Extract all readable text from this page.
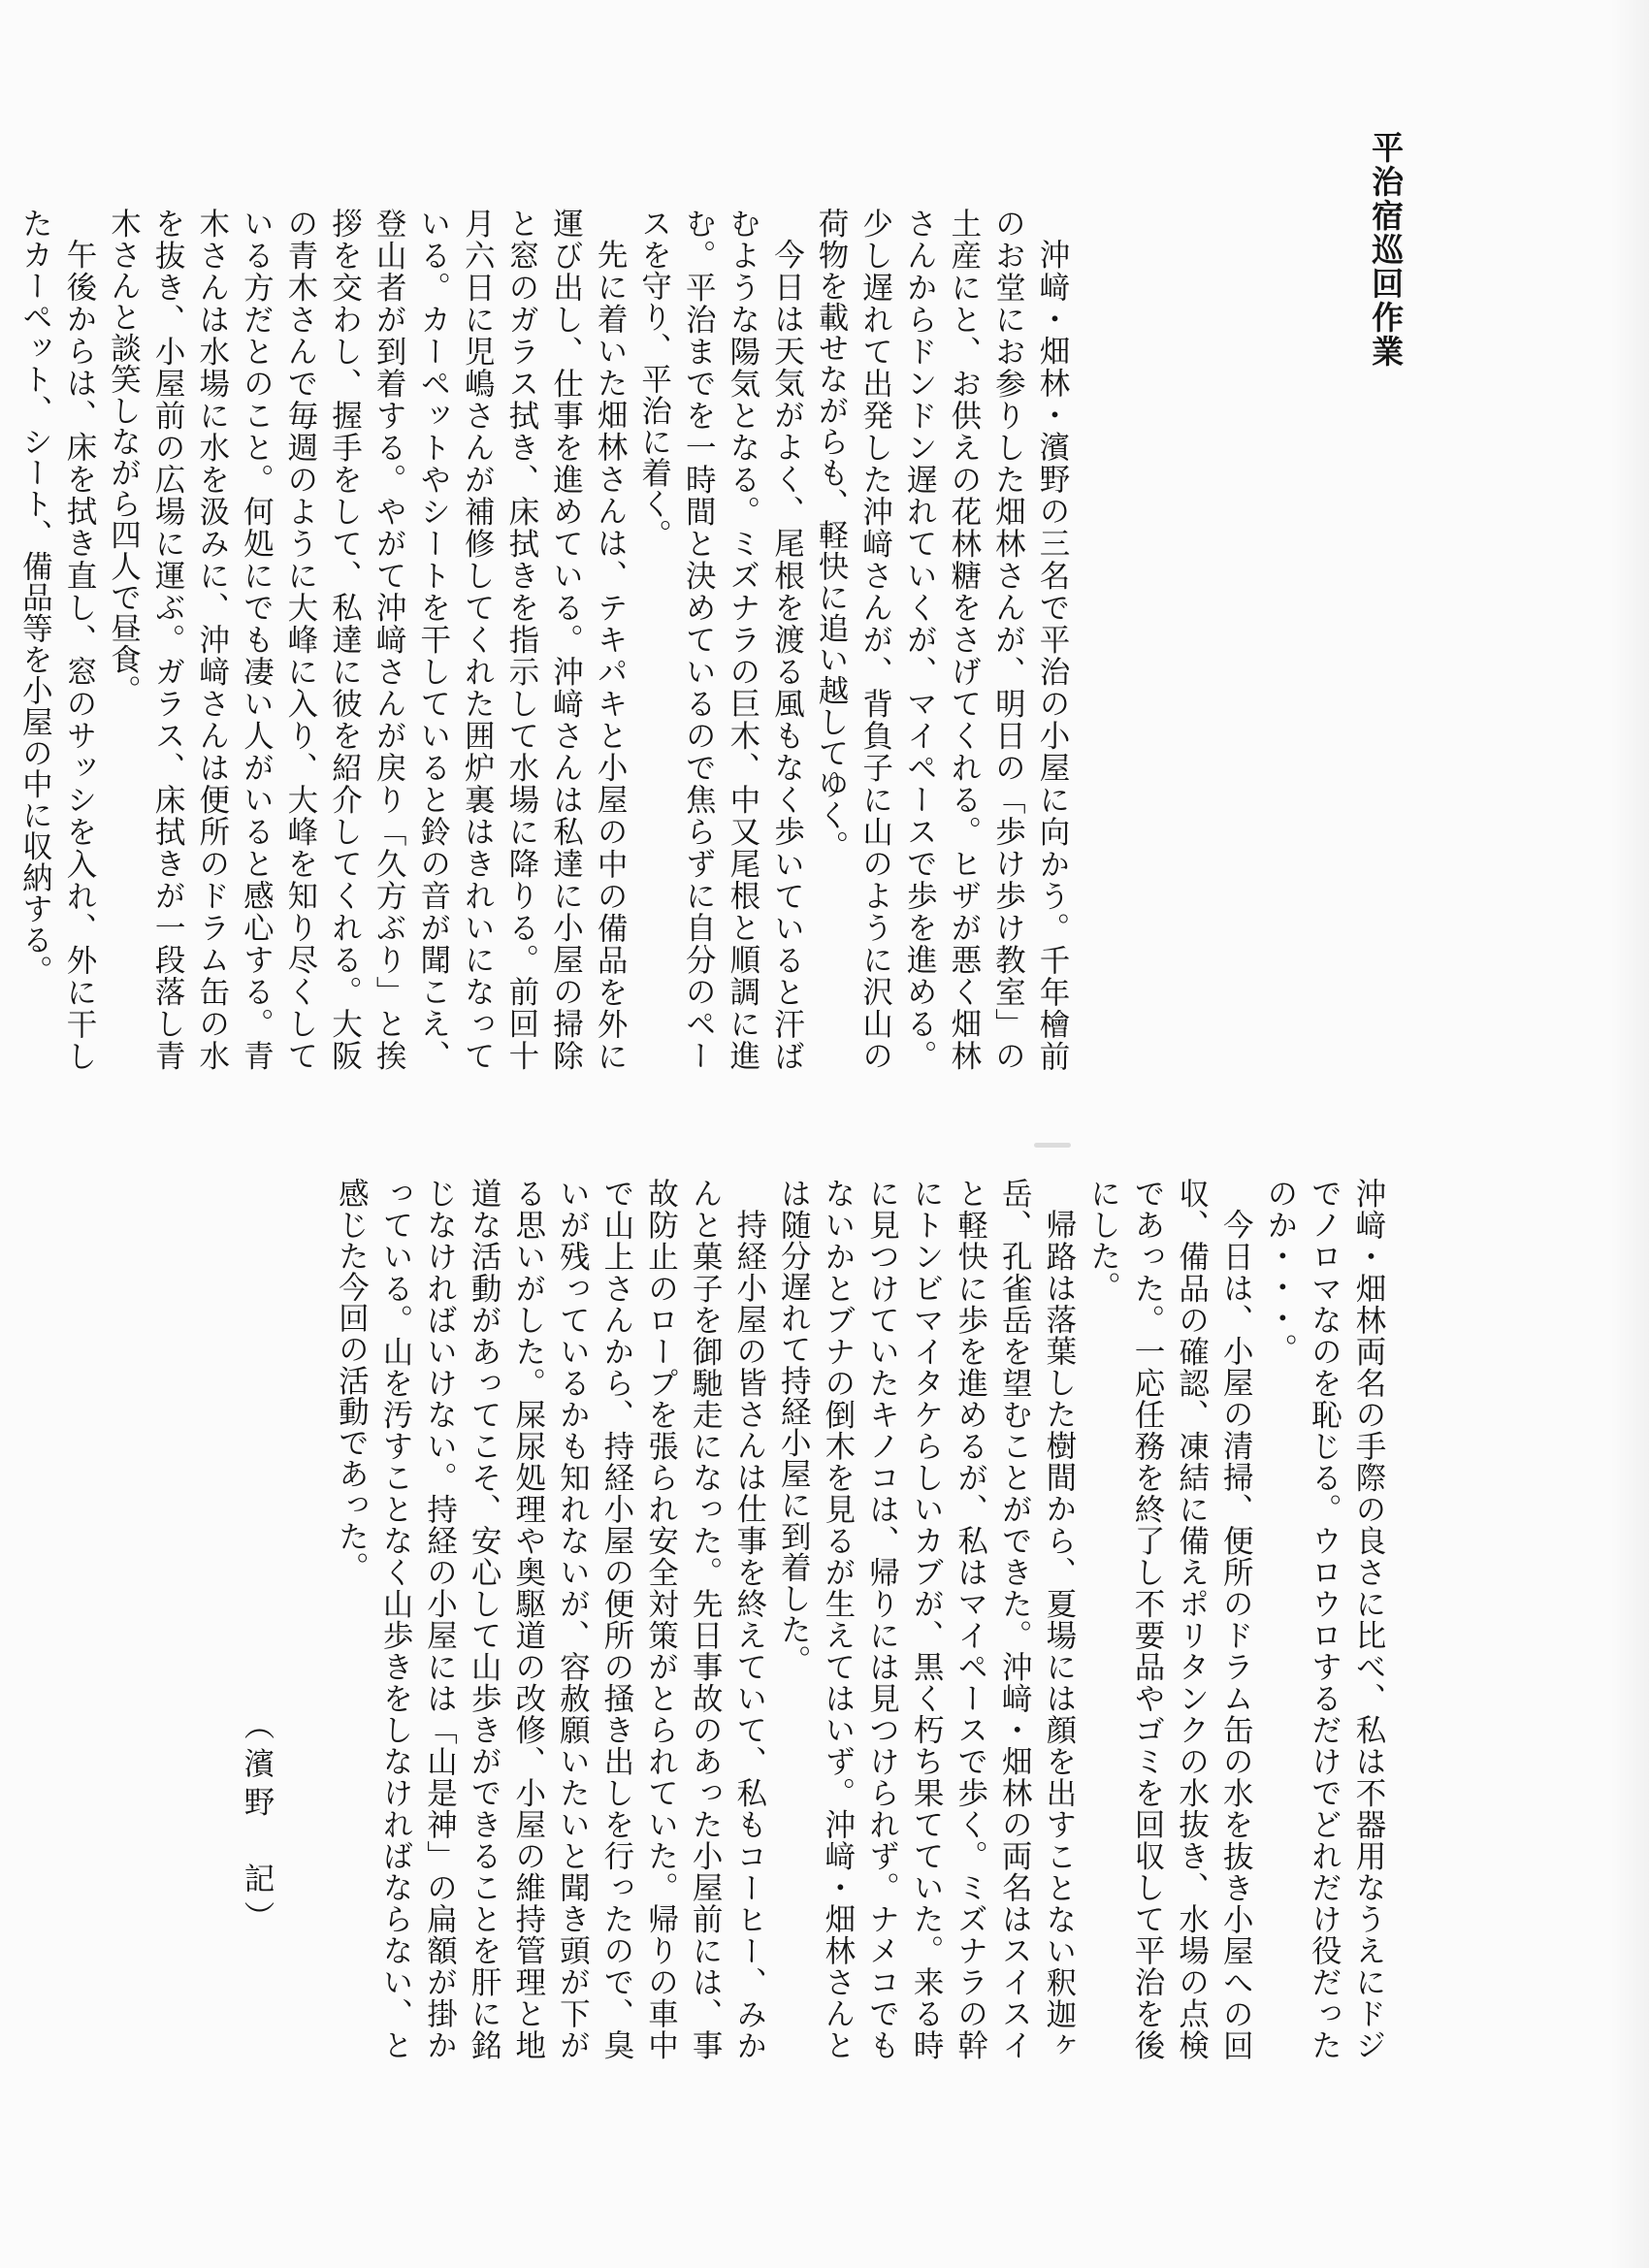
平治宿巡回作業

沖﨑・畑林・濱野の三名で平治の小屋に向かう。千年檜前のお堂にお参りした畑林さんが、明日の「歩け歩け教室」の土産にと、お供えの花林糖をさげてくれる。ヒザが悪く畑林さんからドンドン遅れていくが、マイペースで歩を進める。少し遅れて出発した沖﨑さんが、背負子に山のように沢山の荷物を載せながらも、軽快に追い越してゆく。

今日は天気がよく、尾根を渡る風もなく歩いていると汗ばむような陽気となる。ミズナラの巨木、中又尾根と順調に進む。平治までを一時間と決めているので焦らずに自分のペースを守り、平治に着く。

先に着いた畑林さんは、テキパキと小屋の中の備品を外に運び出し、仕事を進めている。沖﨑さんは私達に小屋の掃除と窓のガラス拭き、床拭きを指示して水場に降りる。前回十月六日に児嶋さんが補修してくれた囲炉裏はきれいになっている。カーペットやシートを干していると鈴の音が聞こえ、登山者が到着する。やがて沖﨑さんが戻り「久方ぶり」と挨拶を交わし、握手をして、私達に彼を紹介してくれる。大阪の青木さんで毎週のように大峰に入り、大峰を知り尽くしている方だとのこと。何処にでも凄い人がいると感心する。青木さんは水場に水を汲みに、沖﨑さんは便所のドラム缶の水を抜き、小屋前の広場に運ぶ。ガラス、床拭きが一段落し青木さんと談笑しながら四人で昼食。

午後からは、床を拭き直し、窓のサッシを入れ、外に干したカーペット、シート、備品等を小屋の中に収納する。

沖﨑・畑林両名の手際の良さに比べ、私は不器用なうえにドジでノロマなのを恥じる。ウロウロするだけでどれだけ役だったのか・・・。

今日は、小屋の清掃、便所のドラム缶の水を抜き小屋への回収、備品の確認、凍結に備えポリタンクの水抜き、水場の点検であった。一応任務を終了し不要品やゴミを回収して平治を後にした。

帰路は落葉した樹間から、夏場には顔を出すことない釈迦ヶ岳、孔雀岳を望むことができた。沖﨑・畑林の両名はスイスイと軽快に歩を進めるが、私はマイペースで歩く。ミズナラの幹にトンビマイタケらしいカブが、黒く朽ち果てていた。来る時に見つけていたキノコは、帰りには見つけられず。ナメコでもないかとブナの倒木を見るが生えてはいず。沖﨑・畑林さんとは随分遅れて持経小屋に到着した。

持経小屋の皆さんは仕事を終えていて、私もコーヒー、みかんと菓子を御馳走になった。先日事故のあった小屋前には、事故防止のロープを張られ安全対策がとられていた。帰りの車中で山上さんから、持経小屋の便所の掻き出しを行ったので、臭いが残っているかも知れないが、容赦願いたいと聞き頭が下がる思いがした。屎尿処理や奥駆道の改修、小屋の維持管理と地道な活動があってこそ、安心して山歩きができることを肝に銘じなければいけない。持経の小屋には「山是神」の扁額が掛かっている。山を汚すことなく山歩きをしなければならない、と感じた今回の活動であった。

（濱野　記）
